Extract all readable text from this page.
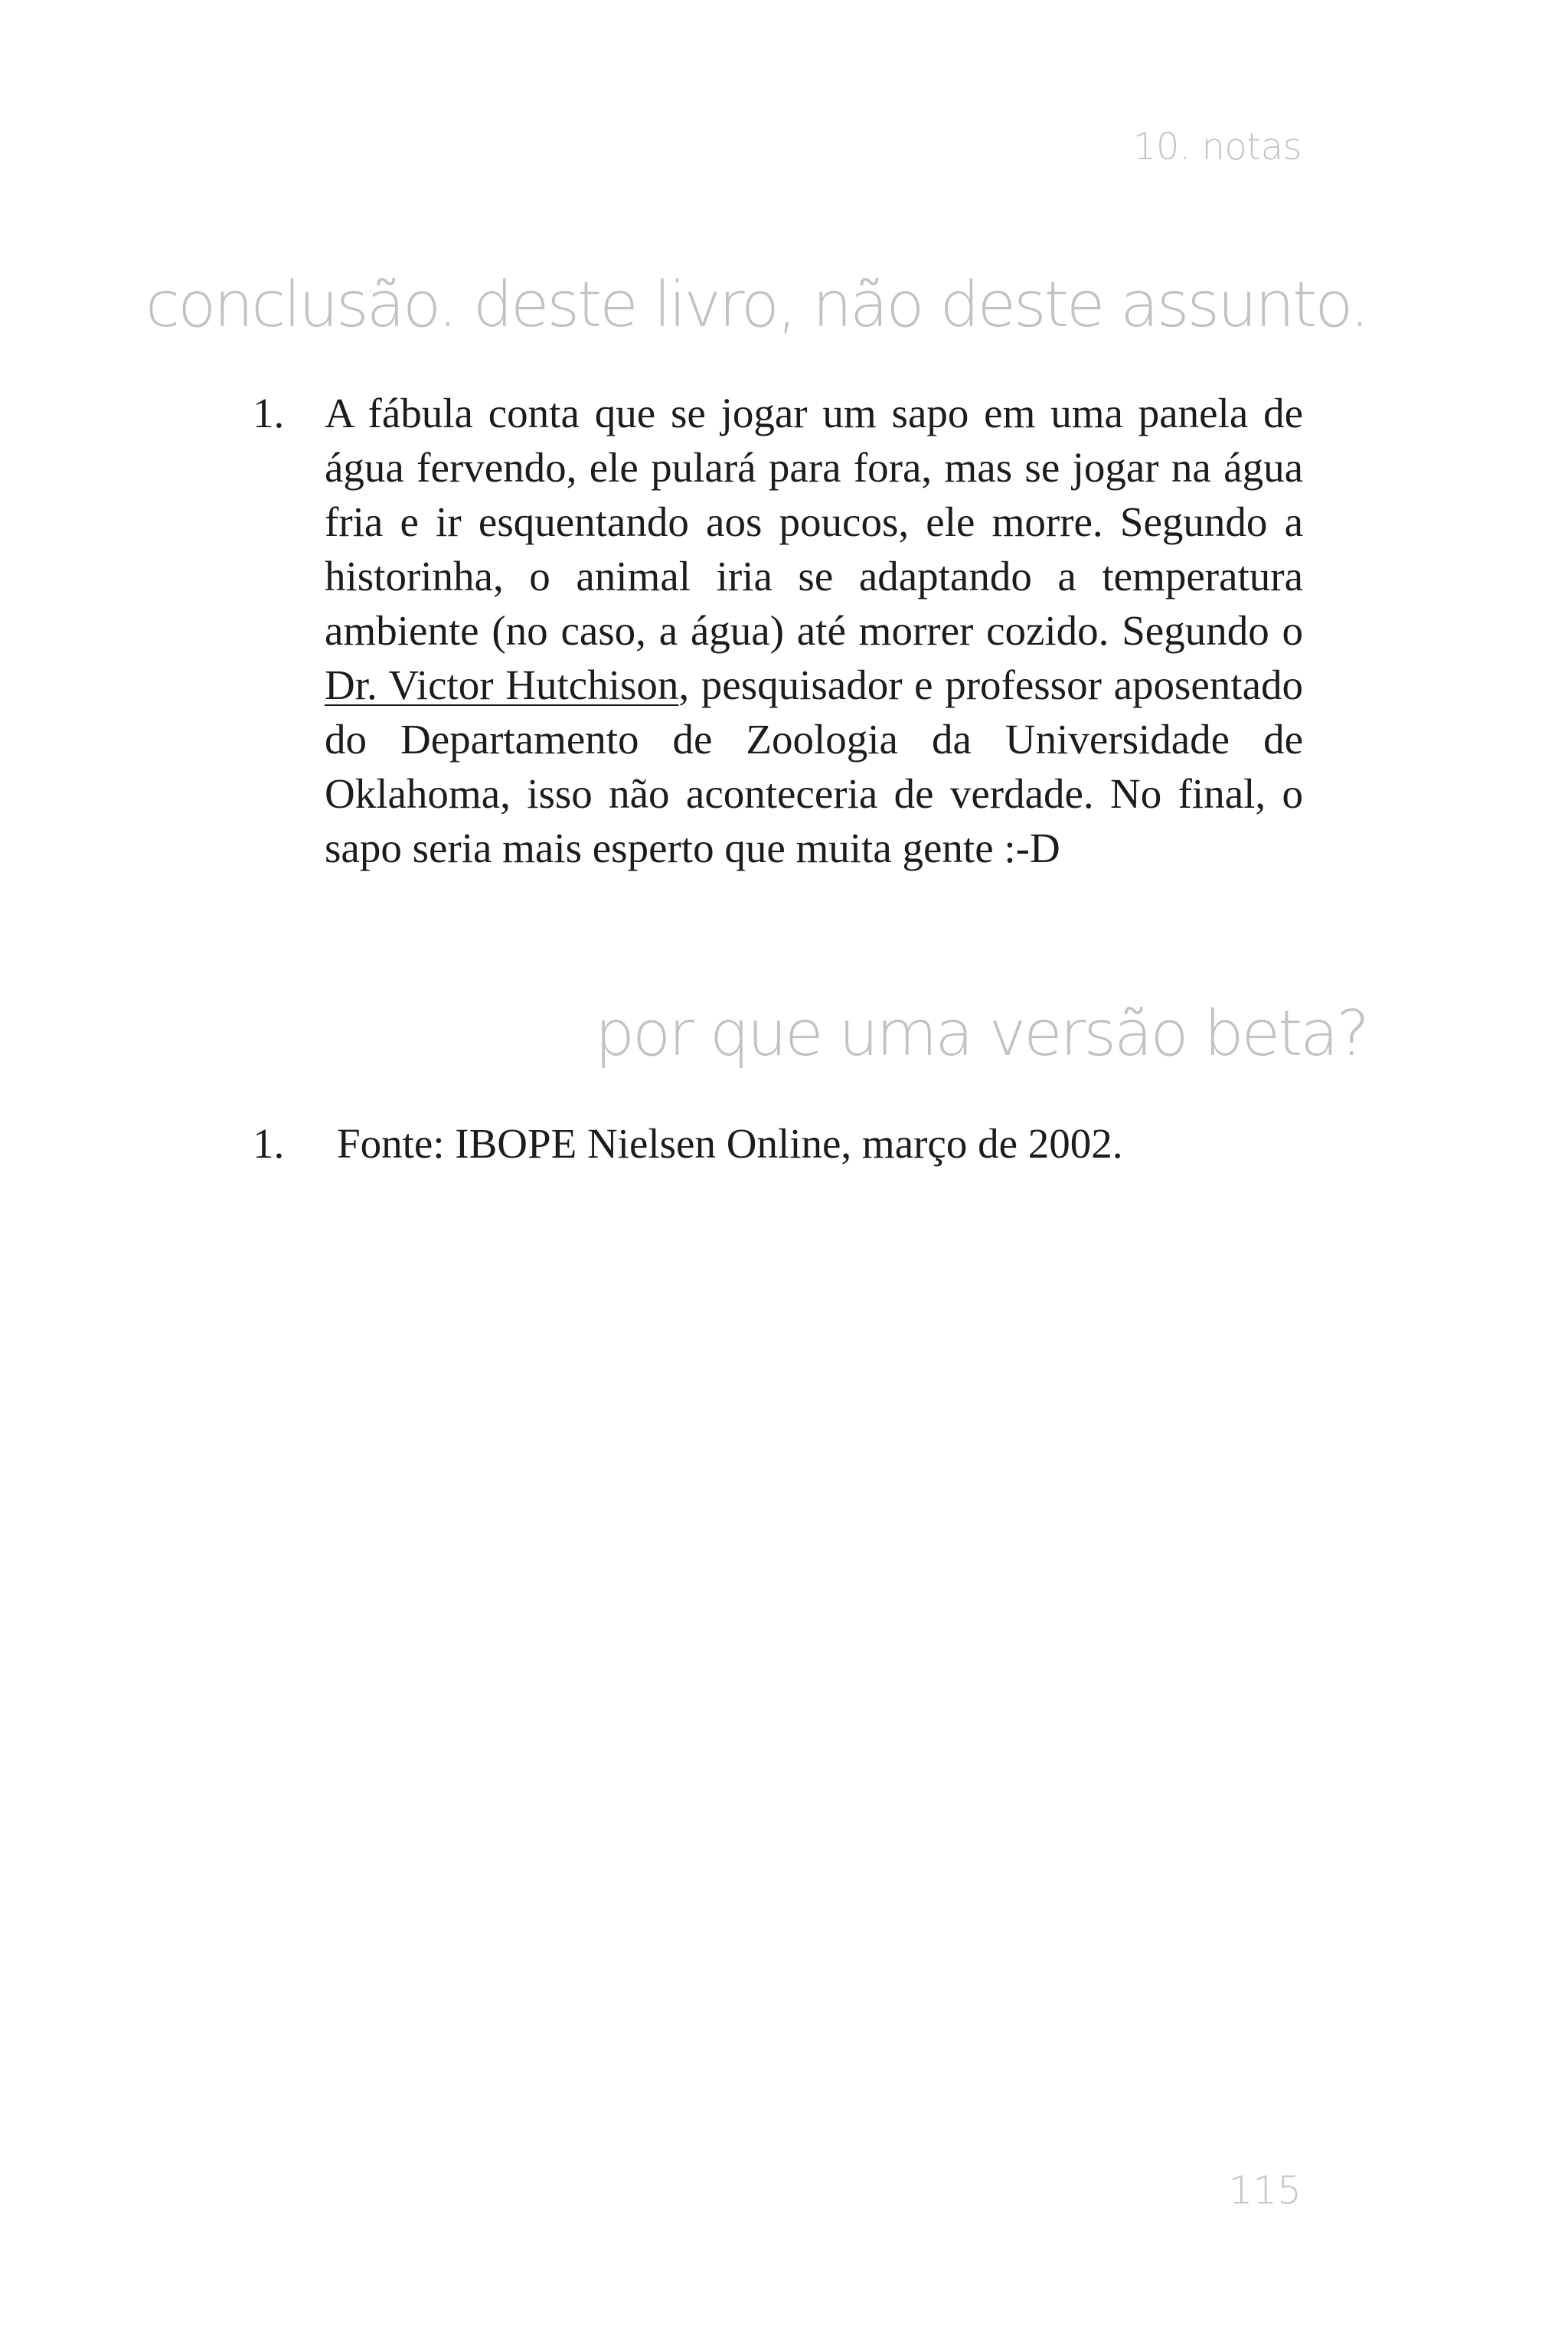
10. notas
conclusão. deste livro, não deste assunto.
1. A fábula conta que se jogar um sapo em uma panela de água fervendo, ele pulará para fora, mas se jogar na água fria e ir esquentando aos poucos, ele morre. Segundo a historinha, o animal iria se adaptando a temperatura ambiente (no caso, a água) até morrer cozido. Segundo o Dr. Victor Hutchison, pesquisador e professor aposentado do Departamento de Zoologia da Universidade de Oklahoma, isso não aconteceria de verdade. No final, o sapo seria mais esperto que muita gente :-D
por que uma versão beta?
1. Fonte: IBOPE Nielsen Online, março de 2002.
115
